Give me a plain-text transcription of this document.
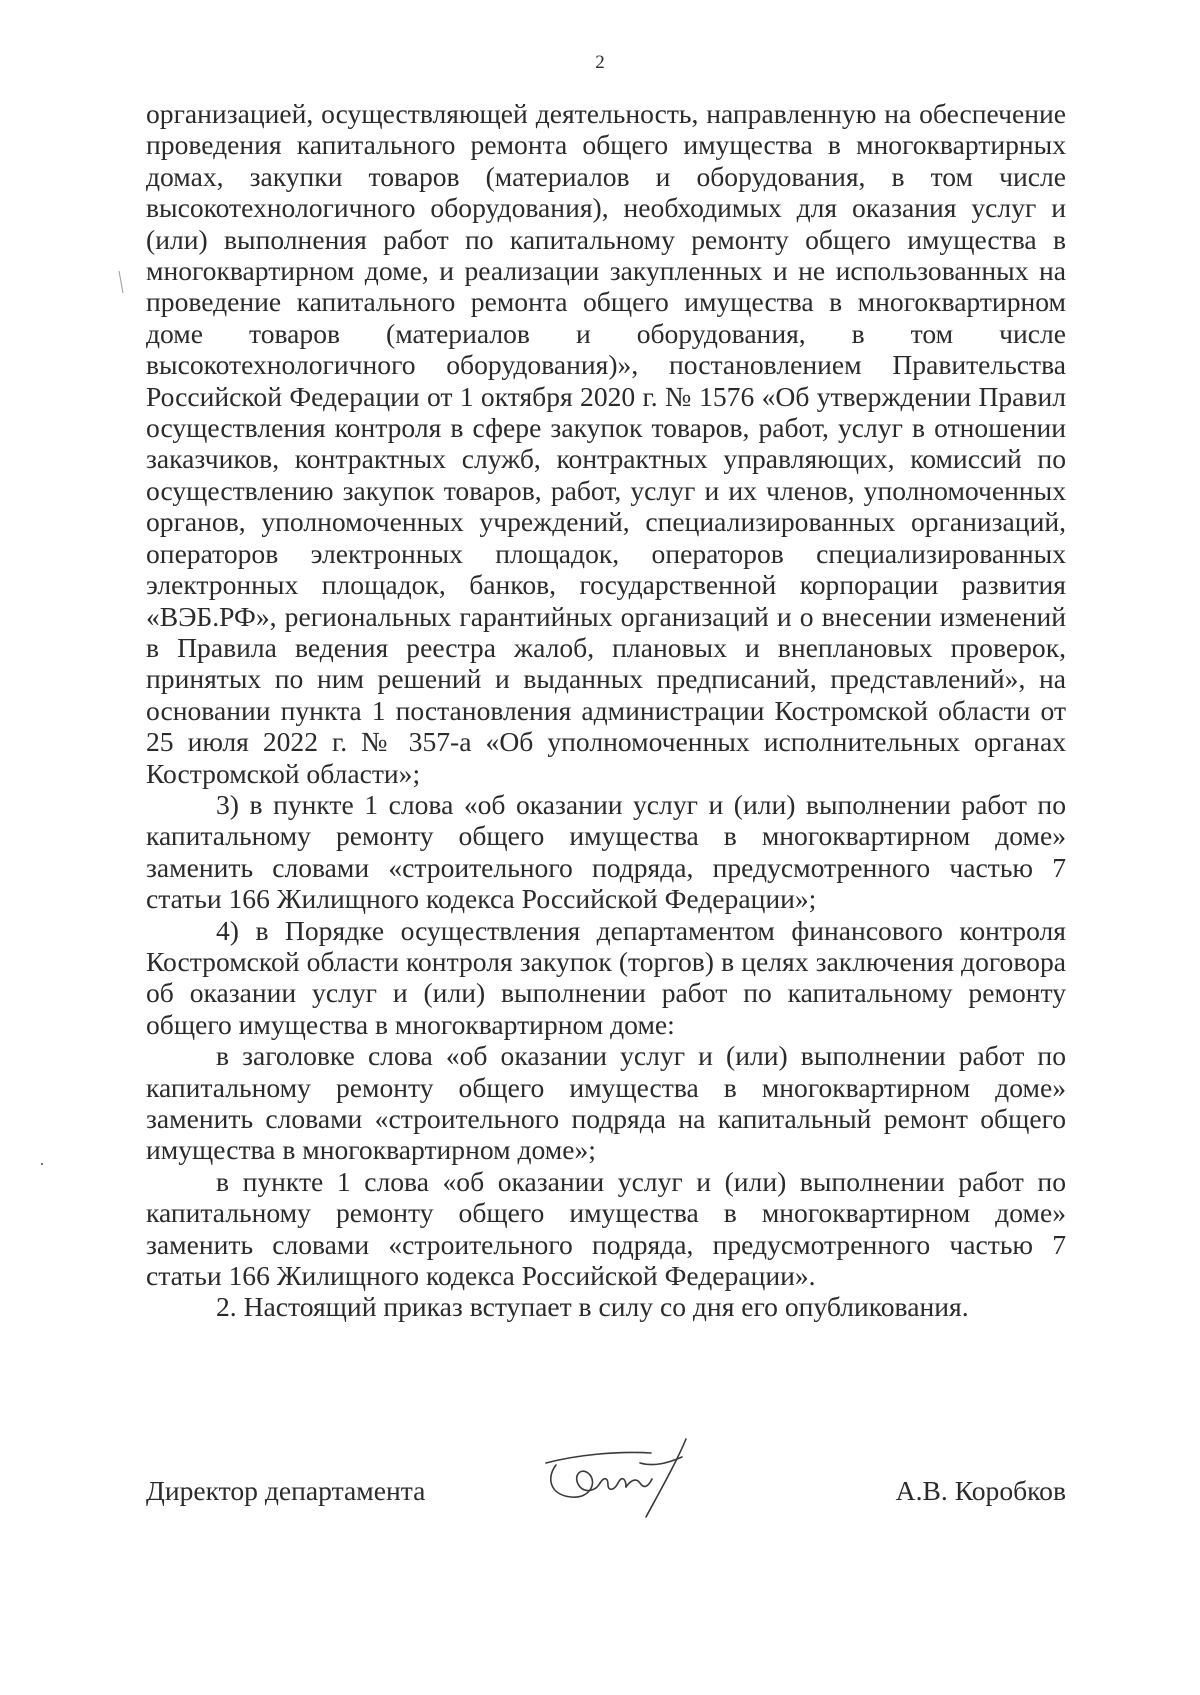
2

организацией, осуществляющей деятельность, направленную на обеспечение проведения капитального ремонта общего имущества в многоквартирных домах, закупки товаров (материалов и оборудования, в том числе высокотехнологичного оборудования), необходимых для оказания услуг и (или) выполнения работ по капитальному ремонту общего имущества в многоквартирном доме, и реализации закупленных и не использованных на проведение капитального ремонта общего имущества в многоквартирном доме товаров (материалов и оборудования, в том числе высокотехнологичного оборудования)», постановлением Правительства Российской Федерации от 1 октября 2020 г. № 1576 «Об утверждении Правил осуществления контроля в сфере закупок товаров, работ, услуг в отношении заказчиков, контрактных служб, контрактных управляющих, комиссий по осуществлению закупок товаров, работ, услуг и их членов, уполномоченных органов, уполномоченных учреждений, специализированных организаций, операторов электронных площадок, операторов специализированных электронных площадок, банков, государственной корпорации развития «ВЭБ.РФ», региональных гарантийных организаций и о внесении изменений в Правила ведения реестра жалоб, плановых и внеплановых проверок, принятых по ним решений и выданных предписаний, представлений», на основании пункта 1 постановления администрации Костромской области от 25 июля 2022 г. № 357-а «Об уполномоченных исполнительных органах Костромской области»;

3) в пункте 1 слова «об оказании услуг и (или) выполнении работ по капитальному ремонту общего имущества в многоквартирном доме» заменить словами «строительного подряда, предусмотренного частью 7 статьи 166 Жилищного кодекса Российской Федерации»;

4) в Порядке осуществления департаментом финансового контроля Костромской области контроля закупок (торгов) в целях заключения договора об оказании услуг и (или) выполнении работ по капитальному ремонту общего имущества в многоквартирном доме:

в заголовке слова «об оказании услуг и (или) выполнении работ по капитальному ремонту общего имущества в многоквартирном доме» заменить словами «строительного подряда на капитальный ремонт общего имущества в многоквартирном доме»;

в пункте 1 слова «об оказании услуг и (или) выполнении работ по капитальному ремонту общего имущества в многоквартирном доме» заменить словами «строительного подряда, предусмотренного частью 7 статьи 166 Жилищного кодекса Российской Федерации».

2. Настоящий приказ вступает в силу со дня его опубликования.

Директор департамента	А.В. Коробков
